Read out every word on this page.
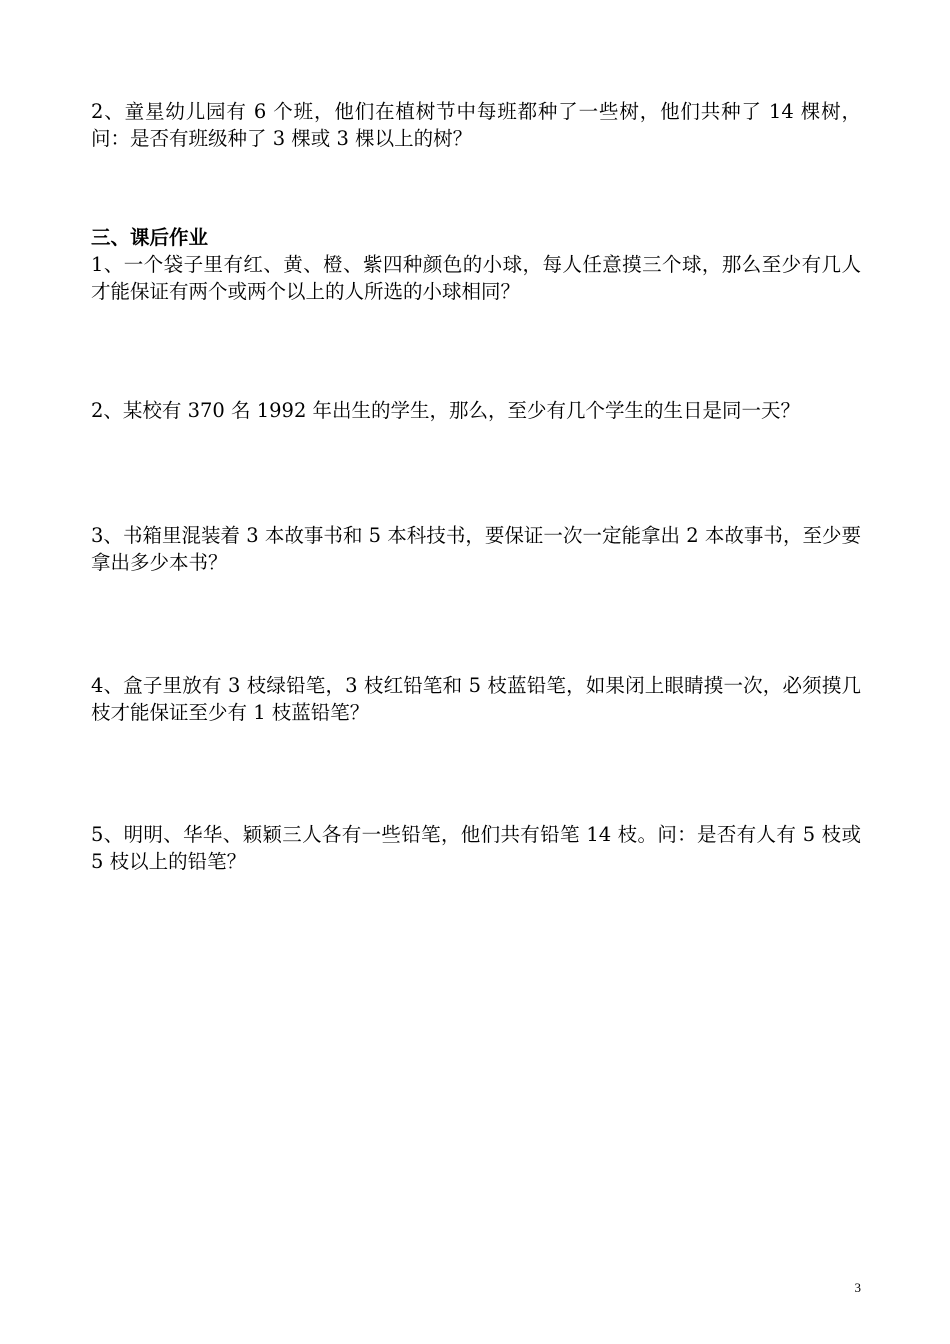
2、童星幼儿园有 6 个班，他们在植树节中每班都种了一些树，他们共种了 14 棵树，问：是否有班级种了 3 棵或 3 棵以上的树？

三、课后作业

1、一个袋子里有红、黄、橙、紫四种颜色的小球，每人任意摸三个球，那么至少有几人才能保证有两个或两个以上的人所选的小球相同？

2、某校有 370 名 1992 年出生的学生，那么，至少有几个学生的生日是同一天？

3、书箱里混装着 3 本故事书和 5 本科技书，要保证一次一定能拿出 2 本故事书，至少要拿出多少本书？

4、盒子里放有 3 枝绿铅笔，3 枝红铅笔和 5 枝蓝铅笔，如果闭上眼睛摸一次，必须摸几枝才能保证至少有 1 枝蓝铅笔？

5、明明、华华、颖颖三人各有一些铅笔，他们共有铅笔 14 枝。问：是否有人有 5 枝或 5 枝以上的铅笔？

3
